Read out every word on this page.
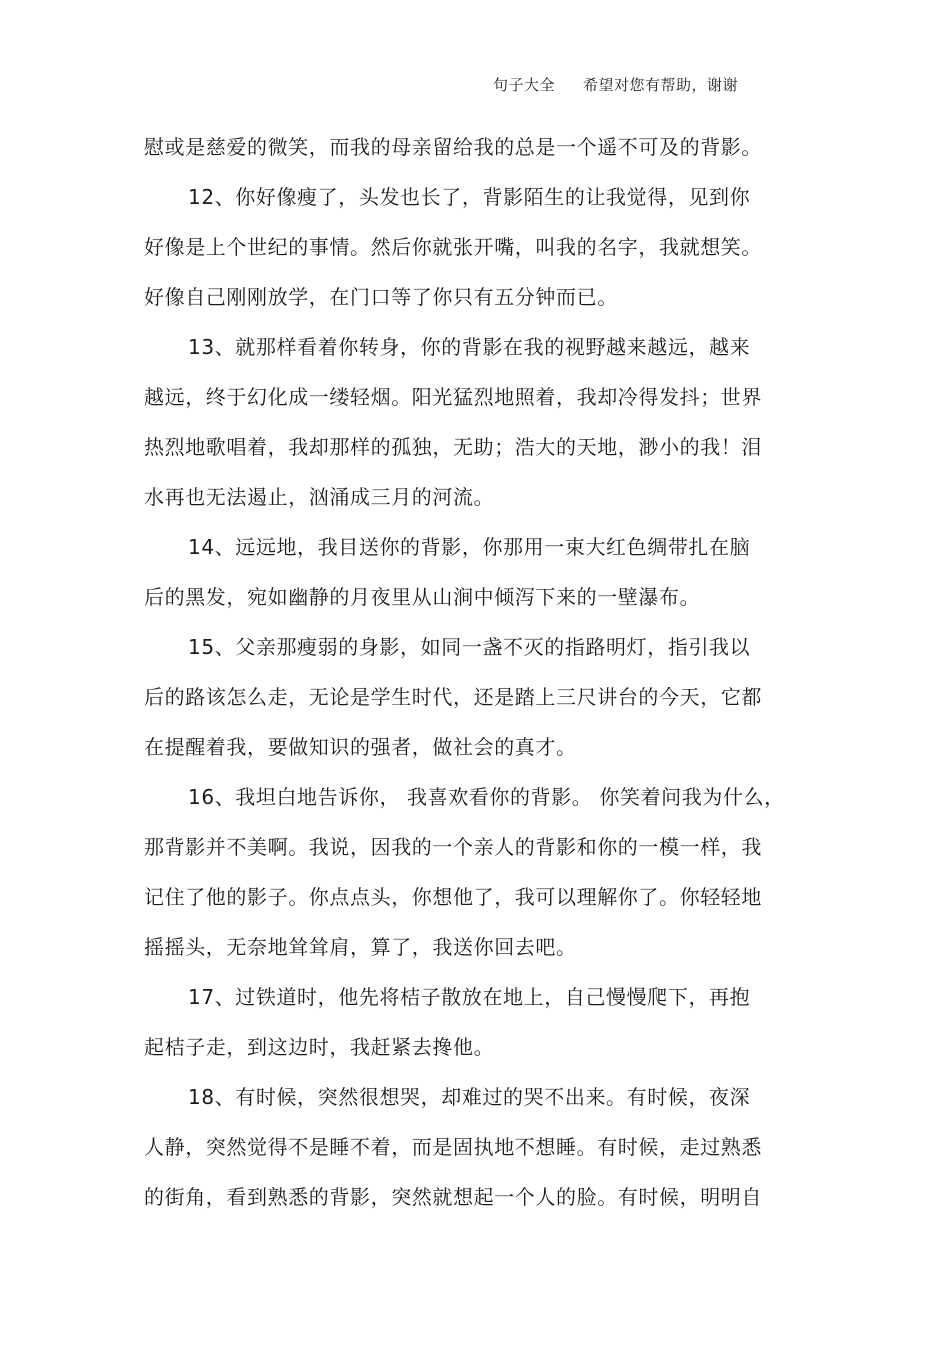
句子大全 希望对您有帮助，谢谢
慰或是慈爱的微笑，而我的母亲留给我的总是一个遥不可及的背影。
12、你好像瘦了，头发也长了，背影陌生的让我觉得，见到你
好像是上个世纪的事情。然后你就张开嘴，叫我的名字，我就想笑。
好像自己刚刚放学，在门口等了你只有五分钟而已。
13、就那样看着你转身，你的背影在我的视野越来越远，越来
越远，终于幻化成一缕轻烟。阳光猛烈地照着，我却冷得发抖；世界
热烈地歌唱着，我却那样的孤独，无助；浩大的天地，渺小的我！泪
水再也无法遏止，汹涌成三月的河流。
14、远远地，我目送你的背影，你那用一束大红色绸带扎在脑
后的黑发，宛如幽静的月夜里从山涧中倾泻下来的一壁瀑布。
15、父亲那瘦弱的身影，如同一盏不灭的指路明灯，指引我以
后的路该怎么走，无论是学生时代，还是踏上三尺讲台的今天，它都
在提醒着我，要做知识的强者，做社会的真才。
16、我坦白地告诉你， 我喜欢看你的背影。 你笑着问我为什么，
那背影并不美啊。我说，因我的一个亲人的背影和你的一模一样，我
记住了他的影子。你点点头，你想他了，我可以理解你了。你轻轻地
摇摇头，无奈地耸耸肩，算了，我送你回去吧。
17、过铁道时，他先将桔子散放在地上，自己慢慢爬下，再抱
起桔子走，到这边时，我赶紧去搀他。
18、有时候，突然很想哭，却难过的哭不出来。有时候，夜深
人静，突然觉得不是睡不着，而是固执地不想睡。有时候，走过熟悉
的街角，看到熟悉的背影，突然就想起一个人的脸。有时候，明明自
